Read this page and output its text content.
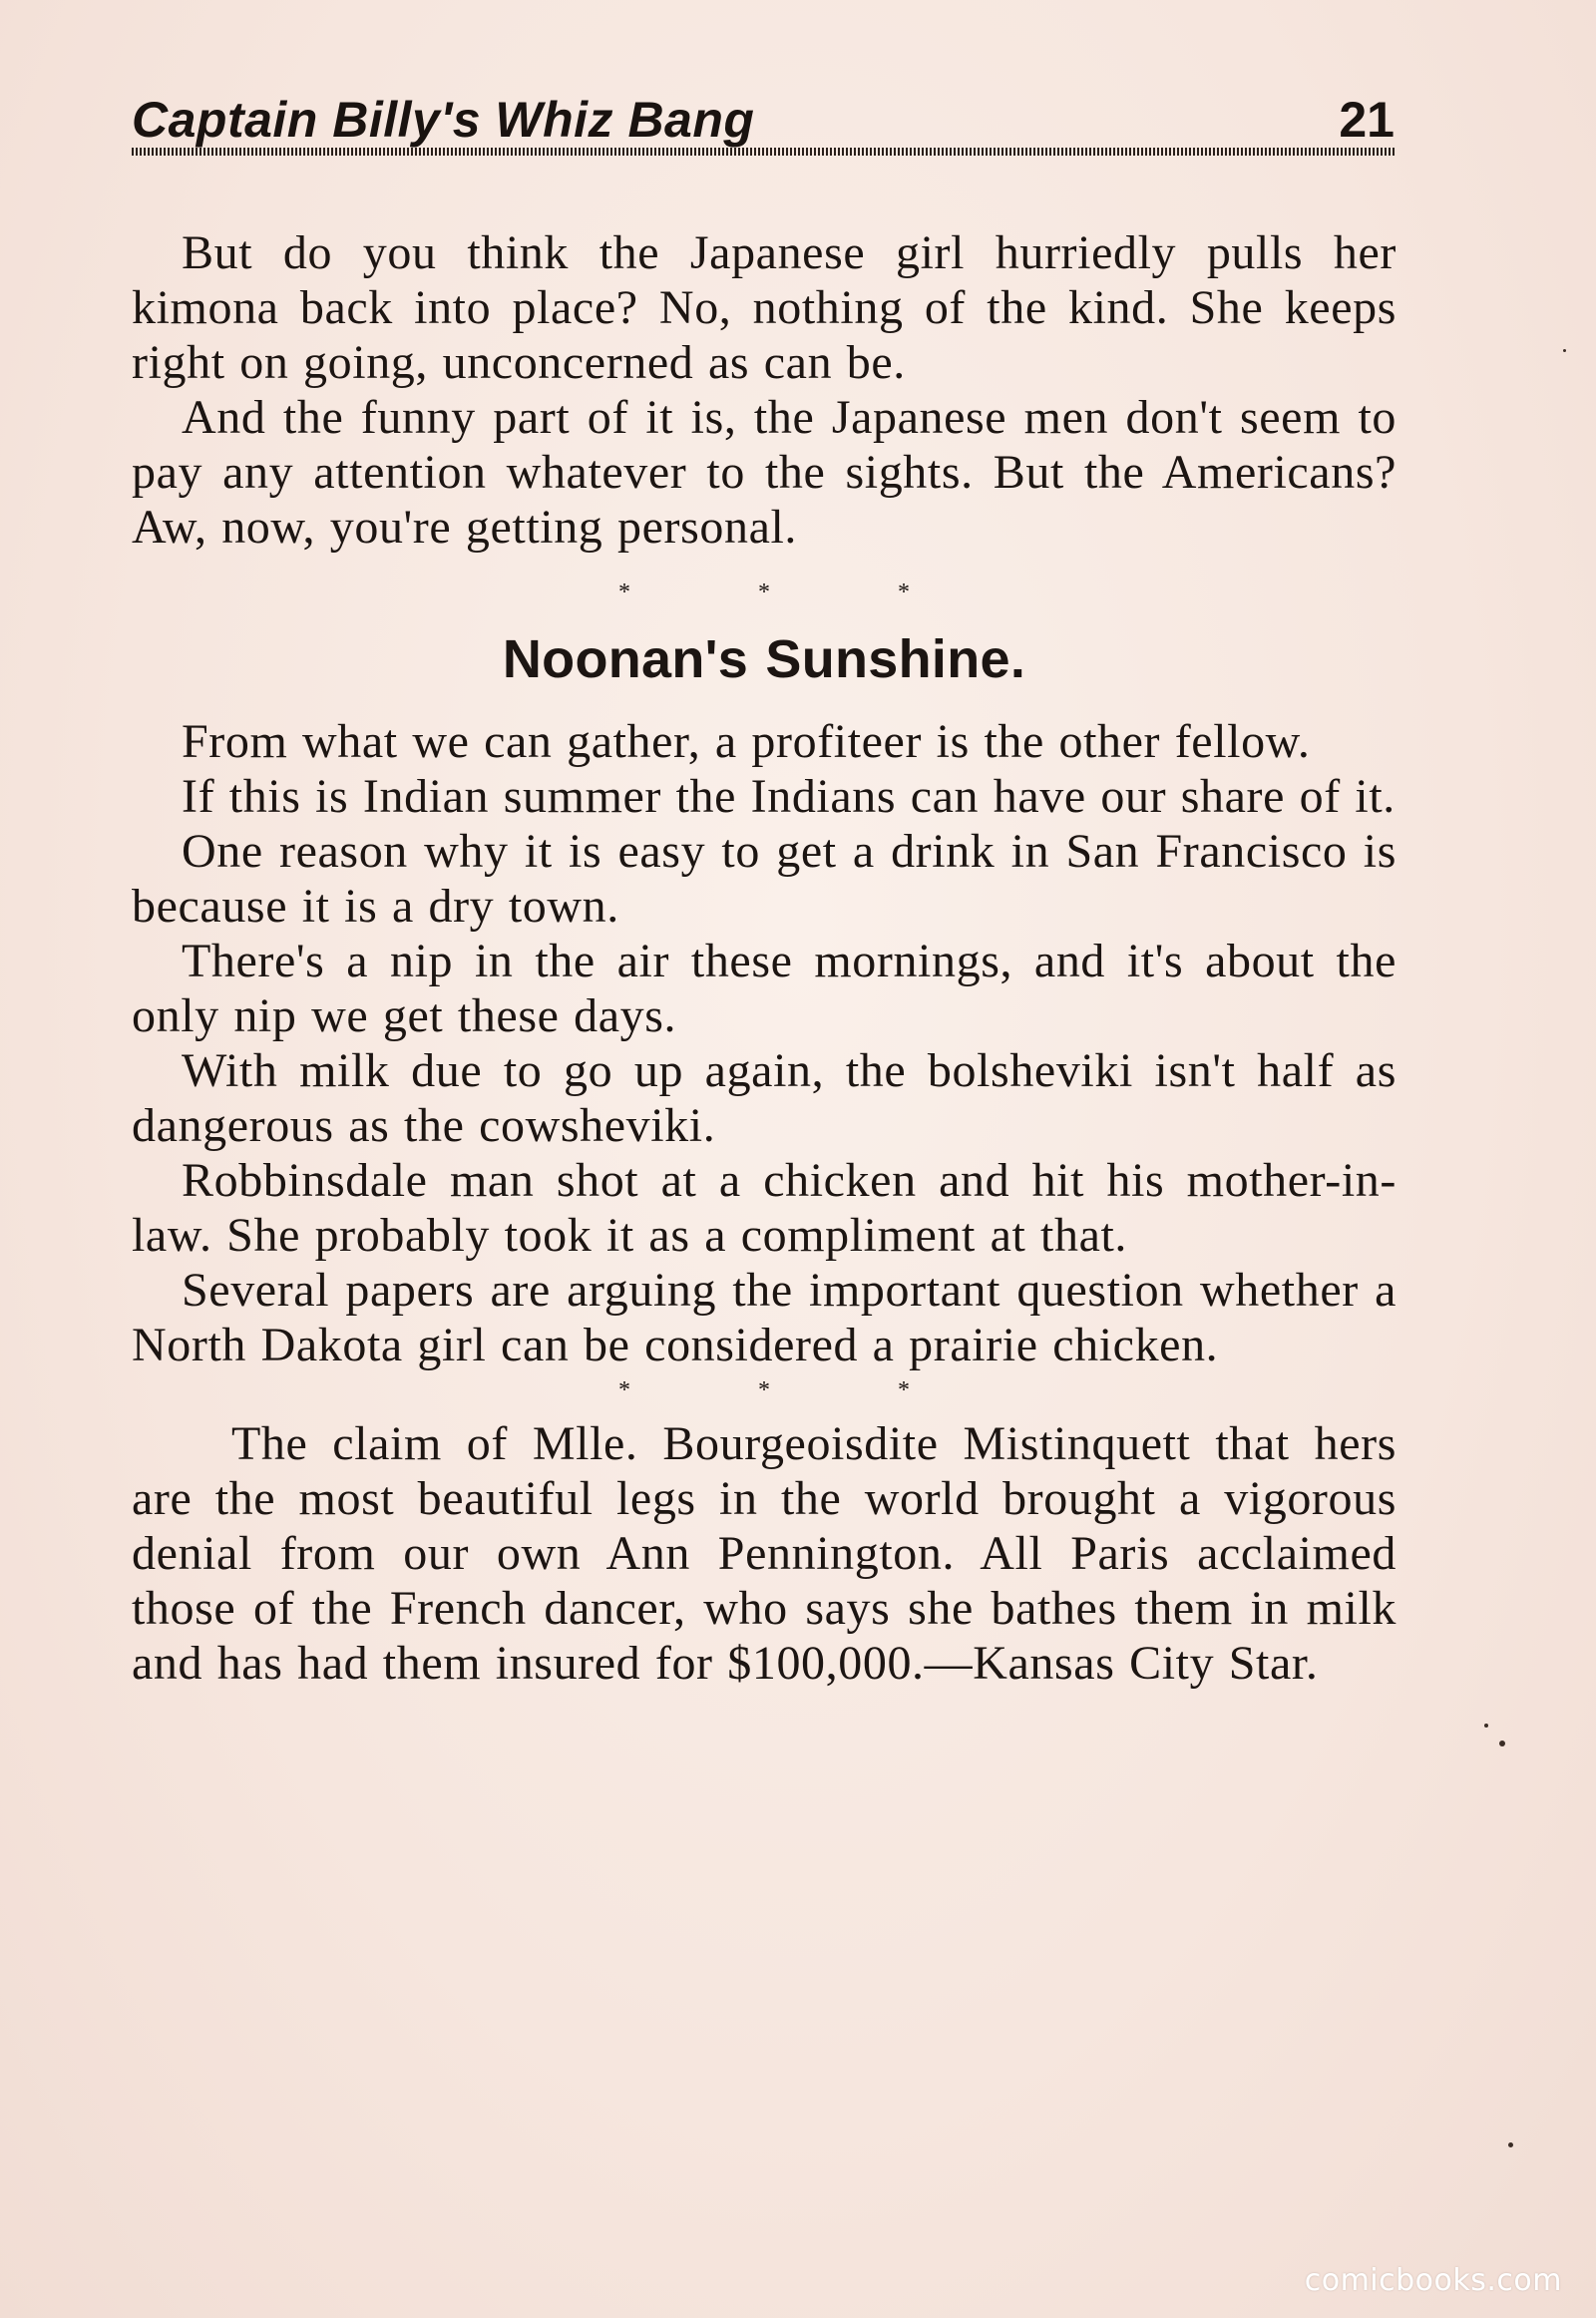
Captain Billy's Whiz Bang	21

But do you think the Japanese girl hurriedly pulls her kimona back into place? No, nothing of the kind. She keeps right on going, unconcerned as can be.

And the funny part of it is, the Japanese men don't seem to pay any attention whatever to the sights. But the Americans? Aw, now, you're getting personal.

* * *

Noonan's Sunshine.

From what we can gather, a profiteer is the other fellow.

If this is Indian summer the Indians can have our share of it.

One reason why it is easy to get a drink in San Francisco is because it is a dry town.

There's a nip in the air these mornings, and it's about the only nip we get these days.

With milk due to go up again, the bolsheviki isn't half as dangerous as the cowsheviki.

Robbinsdale man shot at a chicken and hit his mother-in-law. She probably took it as a compliment at that.

Several papers are arguing the important question whether a North Dakota girl can be considered a prairie chicken.

* * *

The claim of Mlle. Bourgeoisdite Mistinquett that hers are the most beautiful legs in the world brought a vigorous denial from our own Ann Pennington. All Paris acclaimed those of the French dancer, who says she bathes them in milk and has had them insured for $100,000.—Kansas City Star.

comicbooks.com
